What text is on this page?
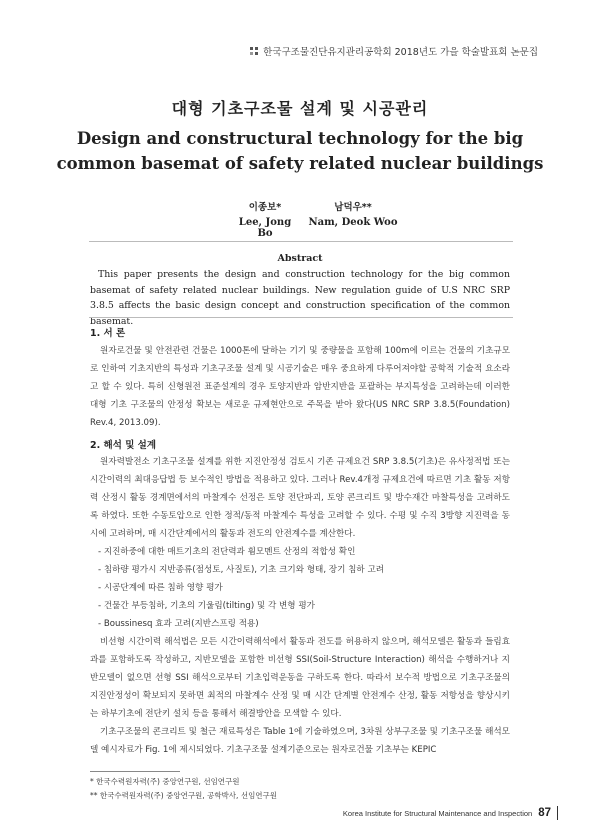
한국구조물진단유지관리공학회 2018년도 가을 학술발표회 논문집
대형 기초구조물 설계 및 시공관리
Design and constructural technology for the big common basemat of safety related nuclear buildings
이종보*
Lee, Jong Bo
남덕우**
Nam, Deok Woo
Abstract
This paper presents the design and construction technology for the big common basemat of safety related nuclear buildings. New regulation guide of U.S NRC SRP 3.8.5 affects the basic design concept and construction specification of the common basemat.
1. 서 론
원자로건물 및 안전관련 건물은 1000톤에 달하는 기기 및 중량물을 포함해 100m에 이르는 건물의 기초규모로 인하여 기초지반의 특성과 기초구조물 설계 및 시공기술은 매우 중요하게 다루어져야할 공학적 기술적 요소라고 할 수 있다. 특히 신형원전 표준설계의 경우 토양지반과 암반지반을 포괄하는 부지특성을 고려하는데 이러한 대형 기초 구조물의 안정성 확보는 새로운 규제현안으로 주목을 받아 왔다(US NRC SRP 3.8.5(Foundation) Rev.4, 2013.09).
2. 해석 및 설계
원자력발전소 기초구조물 설계를 위한 지진안정성 검토시 기존 규제요건 SRP 3.8.5(기초)은 유사정적법 또는 시간이력의 최대응답법 등 보수적인 방법을 적용하고 있다. 그러나 Rev.4개정 규제요건에 따르면 기초 활동 저항력 산정시 활동 경계면에서의 마찰계수 선정은 토양 전단파괴, 토양 콘크리트 및 방수재간 마찰특성을 고려하도록 하였다. 또한 수동토압으로 인한 정적/동적 마찰계수 특성을 고려할 수 있다. 수평 및 수직 3방향 지진력을 동시에 고려하며, 매 시간단계에서의 활동과 전도의 안전계수를 계산한다.
- 지진하중에 대한 매트기초의 전단력과 휨모멘트 산정의 적합성 확인
- 침하량 평가시 지반종류(점성토, 사질토), 기초 크기와 형태, 장기 침하 고려
- 시공단계에 따른 침하 영향 평가
- 건물간 부등침하, 기초의 기울림(tilting) 및 각 변형 평가
- Boussinesq 효과 고려(지반스프링 적용)
비선형 시간이력 해석법은 모든 시간이력해석에서 활동과 전도를 허용하지 않으며, 해석모델은 활동과 들림효과를 포함하도록 작성하고, 지반모델을 포함한 비선형 SSI(Soil-Structure Interaction) 해석을 수행하거나 지반모델이 없으면 선형 SSI 해석으로부터 기초입력운동을 구하도록 한다. 따라서 보수적 방법으로 기초구조물의 지진안정성이 확보되지 못하면 최적의 마찰계수 산정 및 매 시간 단계별 안전계수 산정, 활동 저항성을 향상시키는 하부기초에 전단키 설치 등을 통해서 해결방안을 모색할 수 있다.
기초구조물의 콘크리트 및 철근 재료특성은 Table 1에 기술하였으며, 3차원 상부구조물 및 기초구조물 해석모델 예시자료가 Fig. 1에 제시되었다. 기초구조물 설계기준으로는 원자로건물 기초부는 KEPIC
* 한국수력원자력(주) 중앙연구원, 선임연구원
** 한국수력원자력(주) 중앙연구원, 공학박사, 선임연구원
Korea Institute for Structural Maintenance and Inspection 87
